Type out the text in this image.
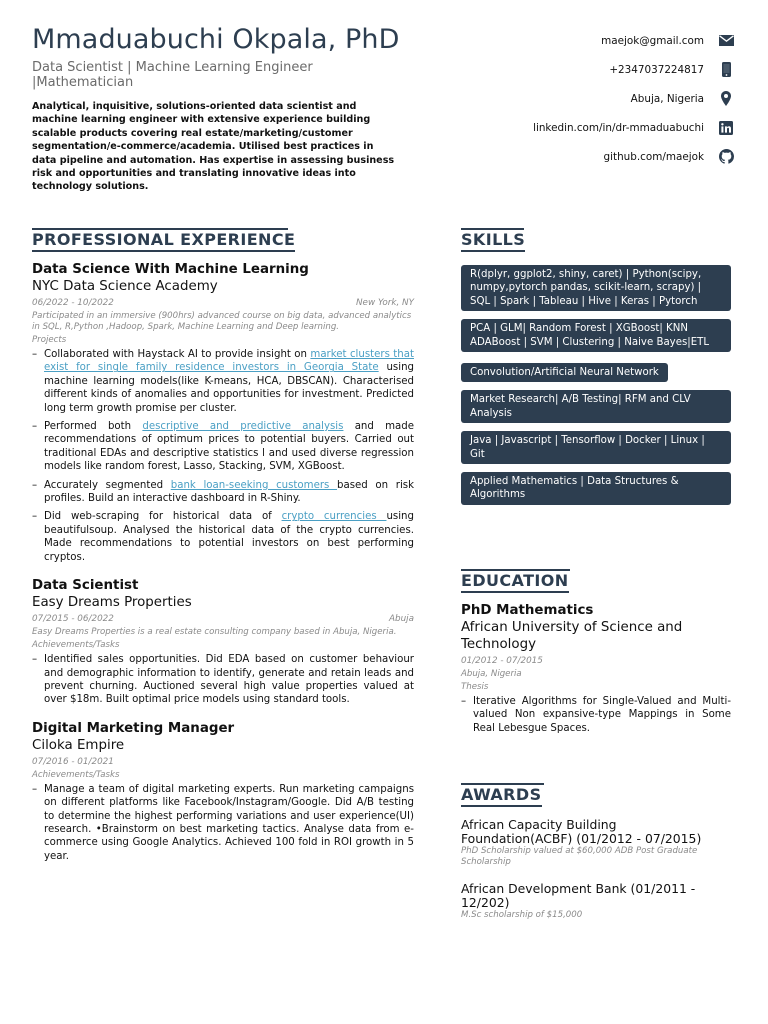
Mmaduabuchi Okpala, PhD
Data Scientist | Machine Learning Engineer |Mathematician

Analytical, inquisitive, solutions-oriented data scientist and machine learning engineer with extensive experience building scalable products covering real estate/marketing/customer segmentation/e-commerce/academia. Utilised best practices in data pipeline and automation. Has expertise in assessing business risk and opportunities and translating innovative ideas into technology solutions.

maejok@gmail.com
+2347037224817
Abuja, Nigeria
linkedin.com/in/dr-mmaduabuchi
github.com/maejok
PROFESSIONAL EXPERIENCE	SKILLS
EDUCATION
AWARDS
Data Science With Machine Learning
NYC Data Science Academy
06/2022 - 10/2022	New York, NY
Participated in an immersive (900hrs) advanced course on big data, advanced analytics in SQL, R,Python ,Hadoop, Spark, Machine Learning and Deep learning.
Projects
– Collaborated with Haystack AI to provide insight on market clusters that exist for single family residence investors in Georgia State using machine learning models(like K-means, HCA, DBSCAN). Characterised different kinds of anomalies and opportunities for investment. Predicted long term growth promise per cluster.
– Performed both descriptive and predictive analysis and made recommendations of optimum prices to potential buyers. Carried out traditional EDAs and descriptive statistics l and used diverse regression models like random forest, Lasso, Stacking, SVM, XGBoost.
– Accurately segmented bank loan-seeking customers based on risk profiles. Build an interactive dashboard in R-Shiny.
– Did web-scraping for historical data of crypto currencies using beautifulsoup. Analysed the historical data of the crypto currencies. Made recommendations to potential investors on best performing cryptos.
Data Scientist
Easy Dreams Properties
07/2015 - 06/2022	Abuja
Easy Dreams Properties is a real estate consulting company based in Abuja, Nigeria.
Achievements/Tasks
– Identified sales opportunities. Did EDA based on customer behaviour and demographic information to identify, generate and retain leads and prevent churning. Auctioned several high value properties valued at over $18m. Built optimal price models using standard tools.
Digital Marketing Manager
Ciloka Empire
07/2016 - 01/2021
Achievements/Tasks
– Manage a team of digital marketing experts. Run marketing campaigns on different platforms like Facebook/Instagram/Google. Did A/B testing to determine the highest performing variations and user experience(UI) research. •Brainstorm on best marketing tactics. Analyse data from e-commerce using Google Analytics. Achieved 100 fold in ROI growth in 5 year.
R(dplyr, ggplot2, shiny, caret) | Python(scipy, numpy,pytorch pandas, scikit-learn, scrapy) | SQL | Spark | Tableau | Hive | Keras | Pytorch
PCA | GLM| Random Forest | XGBoost| KNN ADABoost | SVM | Clustering | Naive Bayes|ETL
Convolution/Artificial Neural Network
Market Research| A/B Testing| RFM and CLV Analysis
Java | Javascript | Tensorflow | Docker | Linux | Git
Applied Mathematics | Data Structures & Algorithms
PhD Mathematics
African University of Science and Technology
01/2012 - 07/2015
Abuja, Nigeria
Thesis
– Iterative Algorithms for Single-Valued and Multi-valued Non expansive-type Mappings in Some Real Lebesgue Spaces.
African Capacity Building Foundation(ACBF) (01/2012 - 07/2015)
PhD Scholarship valued at $60,000 ADB Post Graduate Scholarship
African Development Bank (01/2011 - 12/202)
M.Sc scholarship of $15,000
